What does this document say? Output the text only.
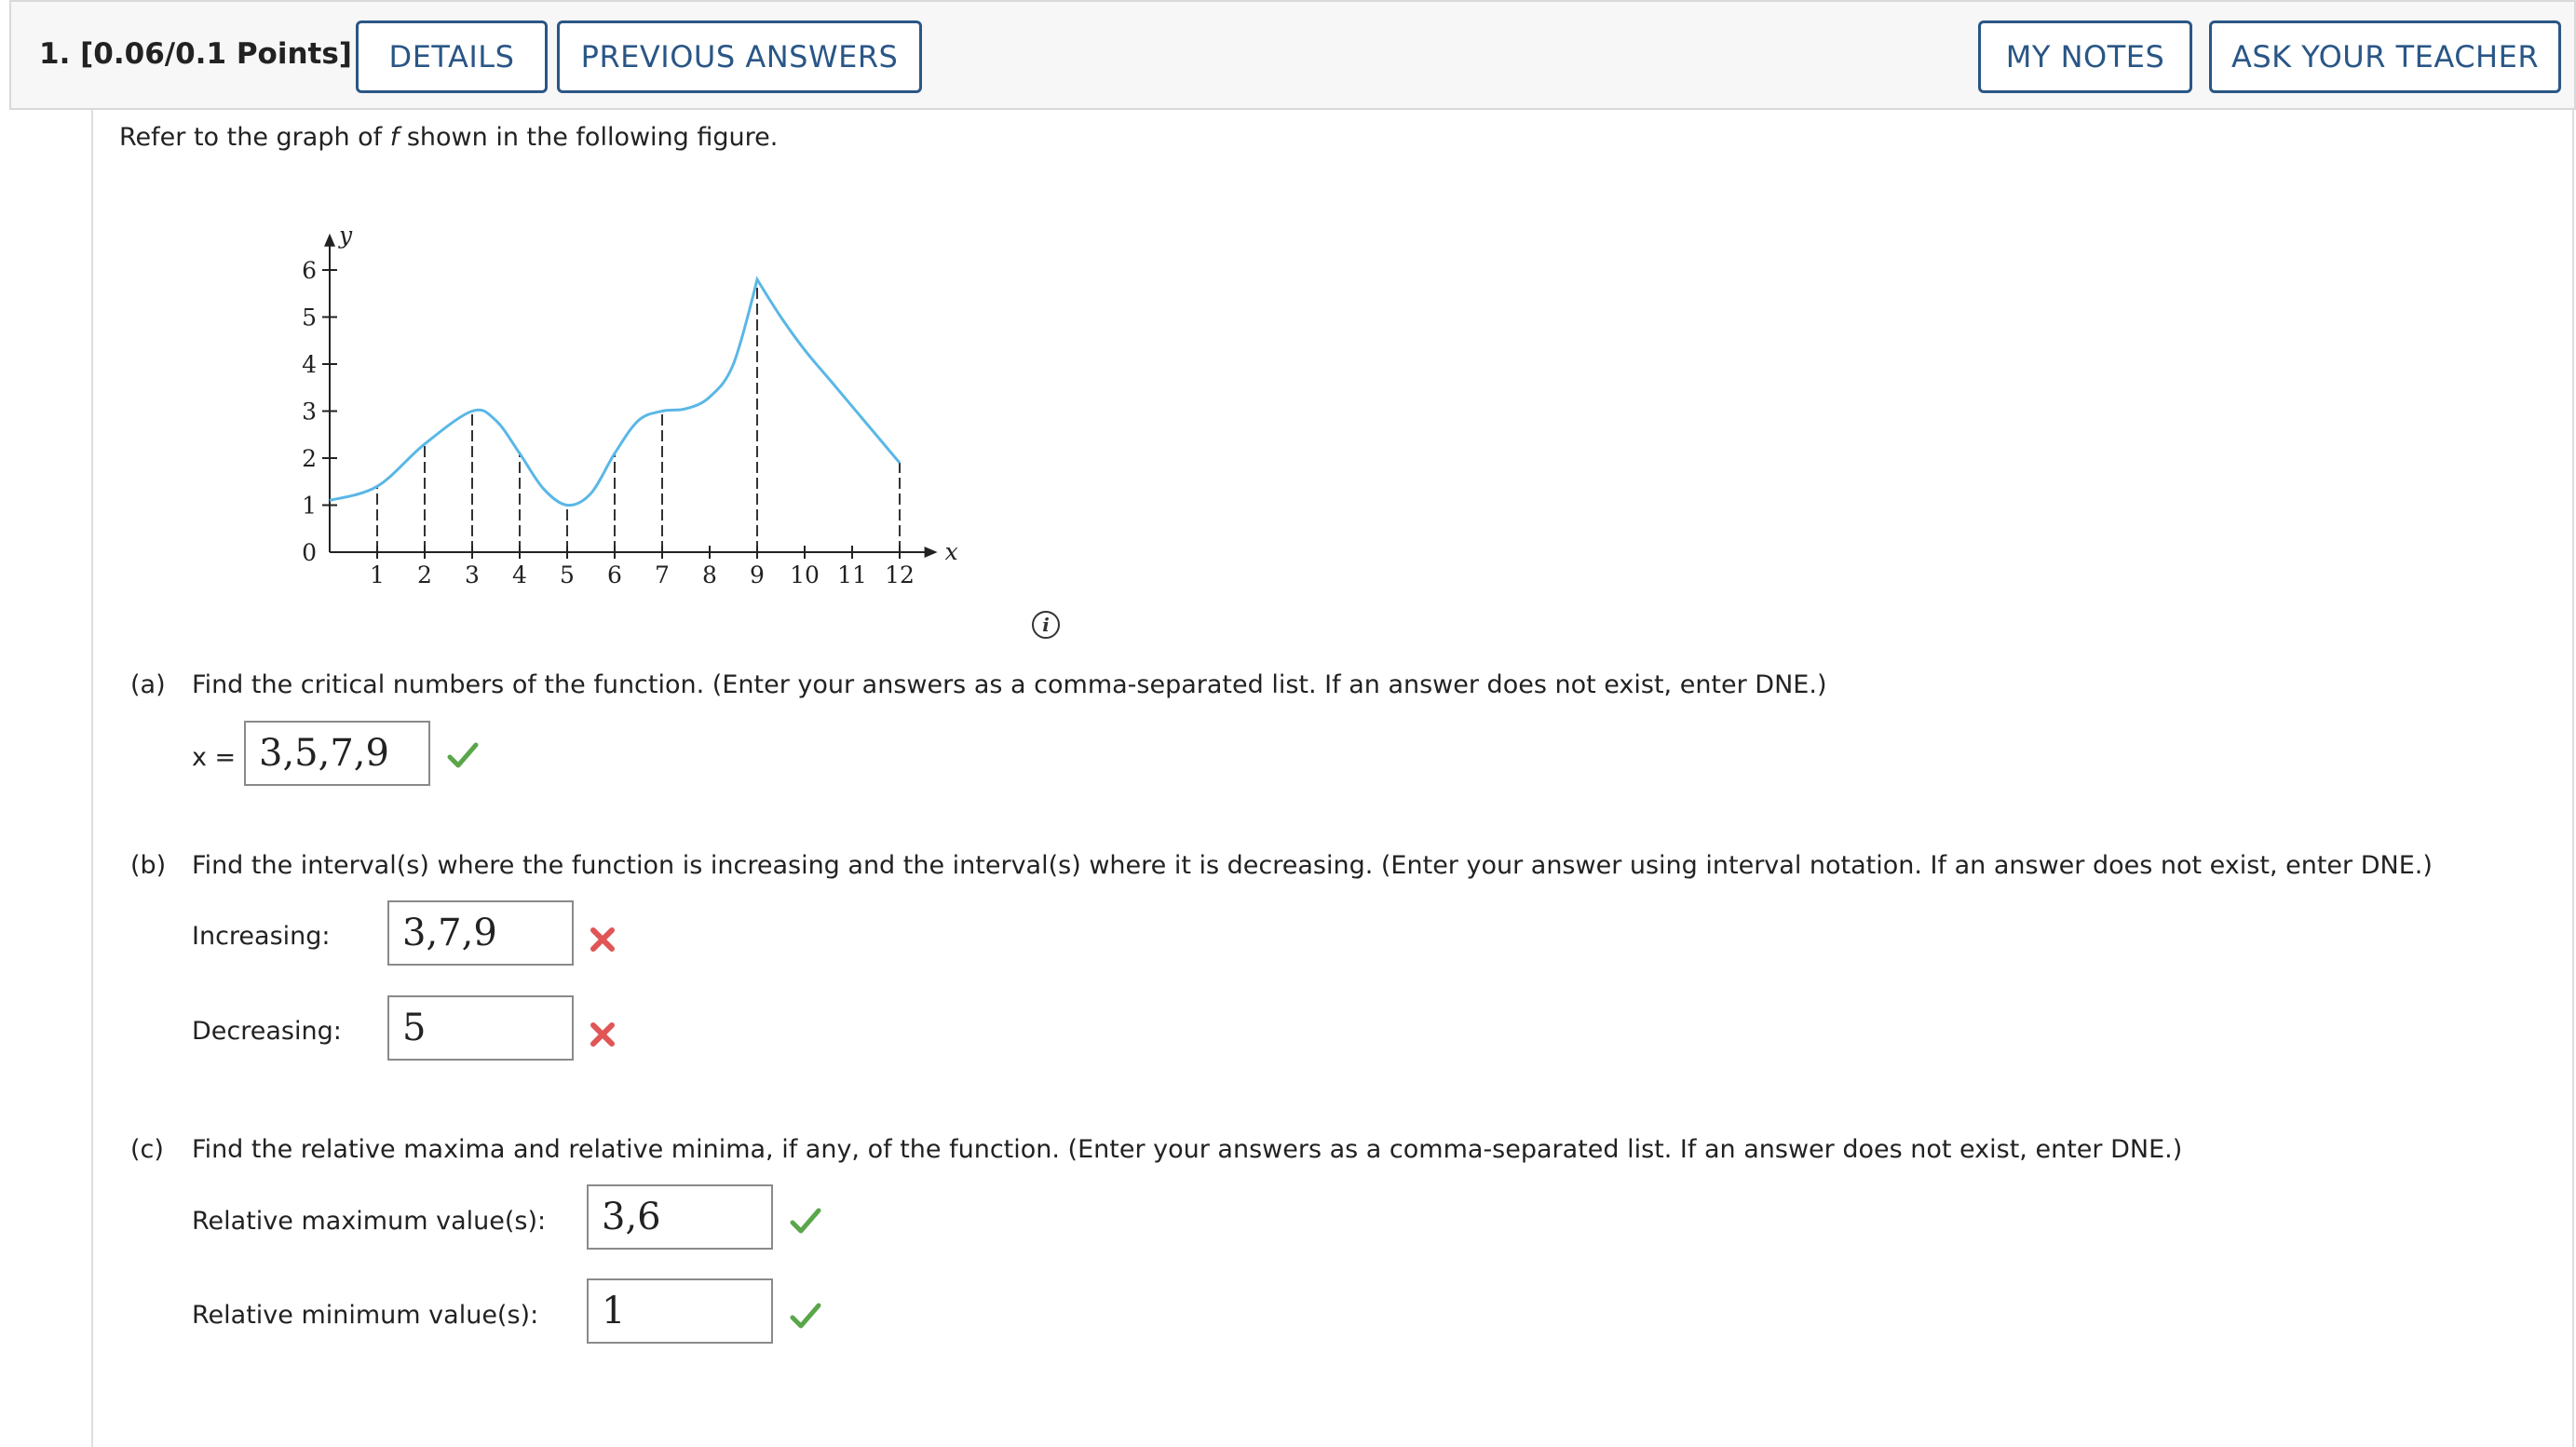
1. [0.06/0.1 Points]	DETAILS	PREVIOUS ANSWERS	MY NOTES	ASK YOUR TEACHER
Refer to the graph of f shown in the following figure.
x
y
1 2 3 4 5 6 7 8 9 10 11 12
0
1
2
3
4
5
6
i
(a) Find the critical numbers of the function. (Enter your answers as a comma-separated list. If an answer does not exist, enter DNE.)
x = 3,5,7,9
(b) Find the interval(s) where the function is increasing and the interval(s) where it is decreasing. (Enter your answer using interval notation. If an answer does not exist, enter DNE.)
Increasing:	3,7,9
Decreasing:	5
(c) Find the relative maxima and relative minima, if any, of the function. (Enter your answers as a comma-separated list. If an answer does not exist, enter DNE.)
Relative maximum value(s):	3,6
Relative minimum value(s):	1
